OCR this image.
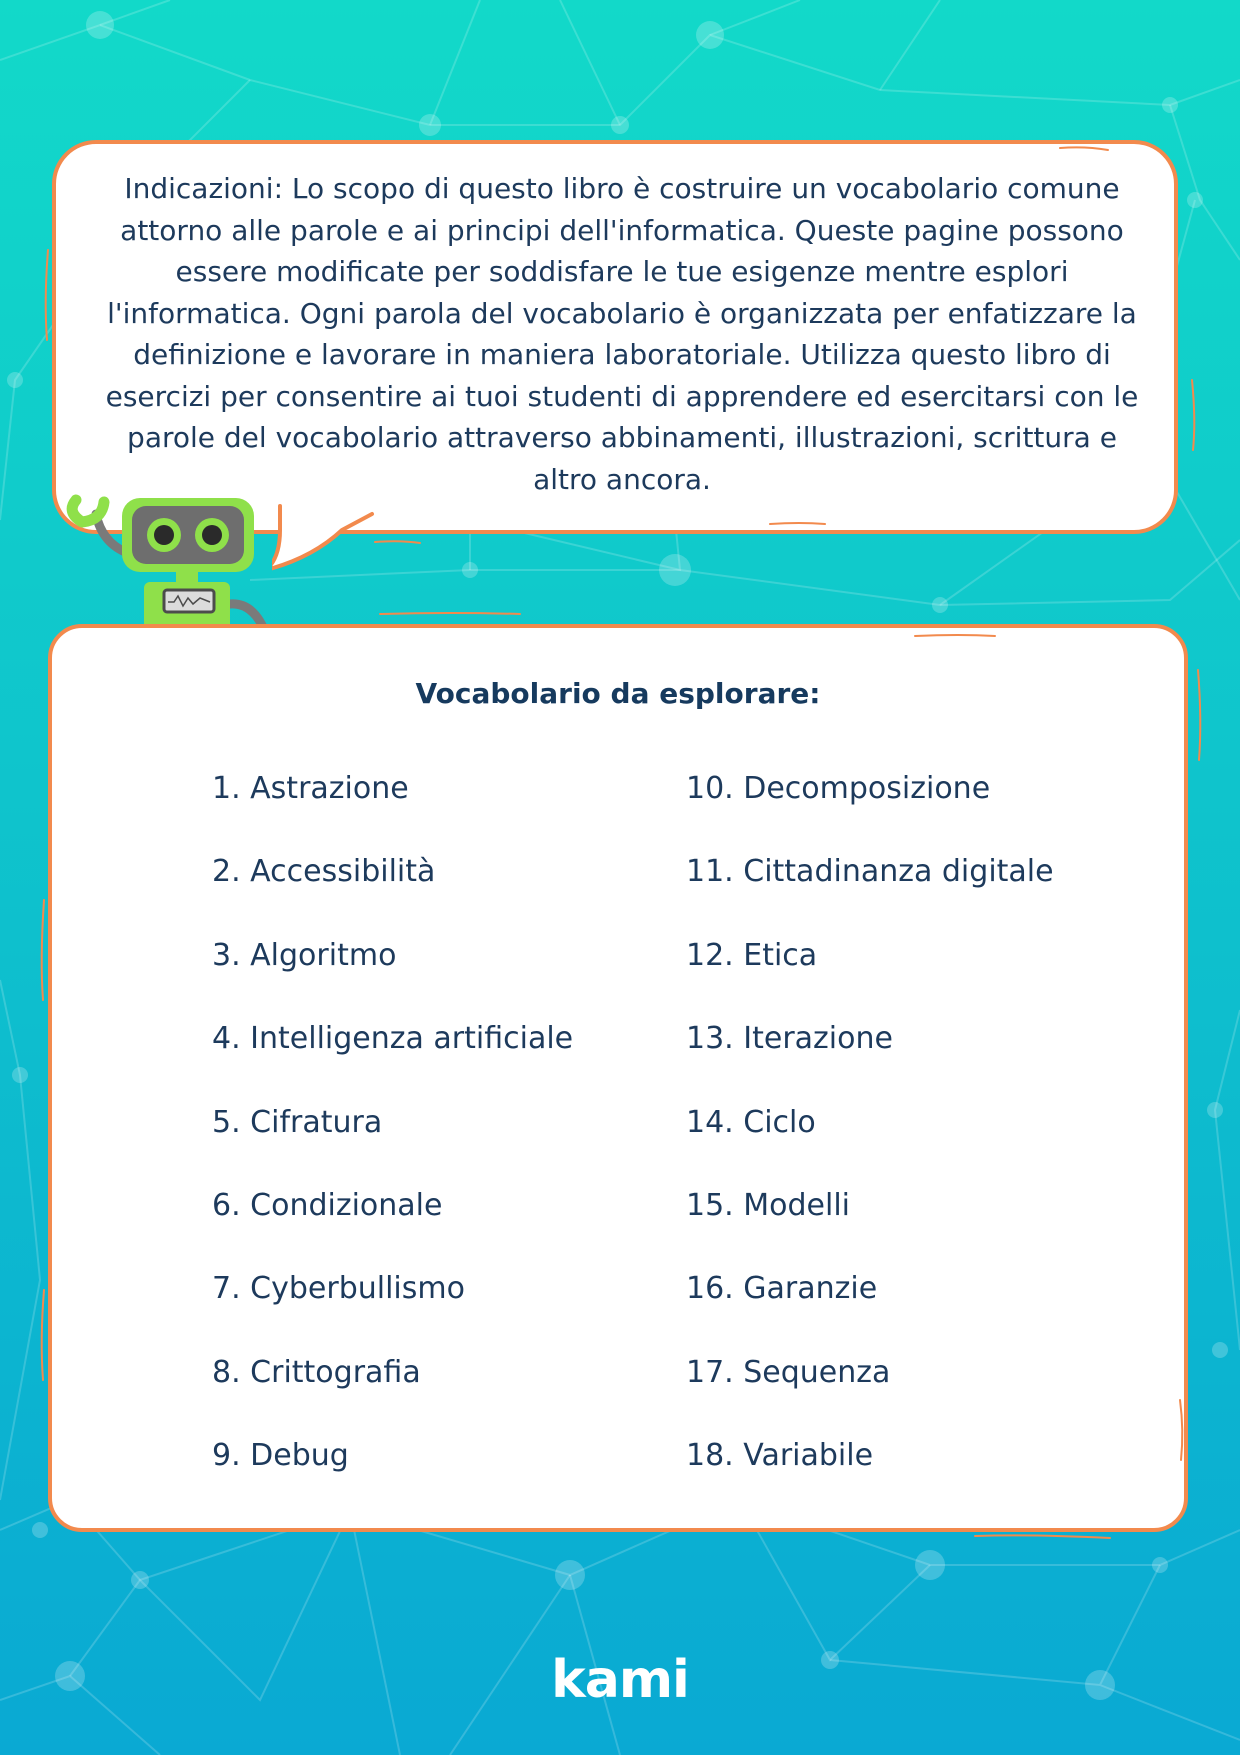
Indicazioni: Lo scopo di questo libro è costruire un vocabolario comune attorno alle parole e ai principi dell'informatica. Queste pagine possono essere modificate per soddisfare le tue esigenze mentre esplori l'informatica. Ogni parola del vocabolario è organizzata per enfatizzare la definizione e lavorare in maniera laboratoriale. Utilizza questo libro di esercizi per consentire ai tuoi studenti di apprendere ed esercitarsi con le parole del vocabolario attraverso abbinamenti, illustrazioni, scrittura e altro ancora.

Vocabolario da esplorare:
1. Astrazione
2. Accessibilità
3. Algoritmo
4. Intelligenza artificiale
5. Cifratura
6. Condizionale
7. Cyberbullismo
8. Crittografia
9. Debug
10. Decomposizione
11. Cittadinanza digitale
12. Etica
13. Iterazione
14. Ciclo
15. Modelli
16. Garanzie
17. Sequenza
18. Variabile

kami
